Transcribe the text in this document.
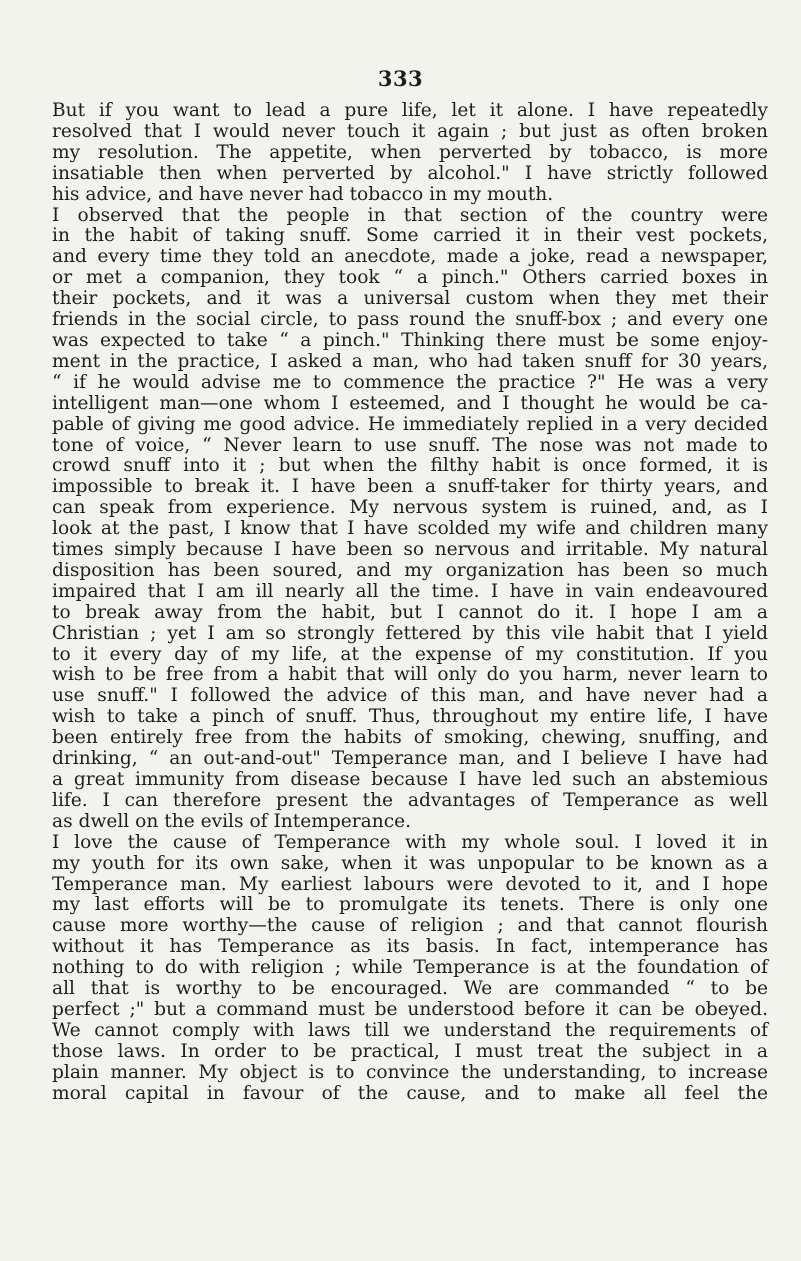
333
But if you want to lead a pure life, let it alone. I have repeatedly
resolved that I would never touch it again ; but just as often broken
my resolution. The appetite, when perverted by tobacco, is more
insatiable then when perverted by alcohol." I have strictly followed
his advice, and have never had tobacco in my mouth.
I observed that the people in that section of the country were
in the habit of taking snuff. Some carried it in their vest pockets,
and every time they told an anecdote, made a joke, read a newspaper,
or met a companion, they took “ a pinch." Others carried boxes in
their pockets, and it was a universal custom when they met their
friends in the social circle, to pass round the snuff-box ; and every one
was expected to take “ a pinch." Thinking there must be some enjoy-
ment in the practice, I asked a man, who had taken snuff for 30 years,
“ if he would advise me to commence the practice ?" He was a very
intelligent man—one whom I esteemed, and I thought he would be ca-
pable of giving me good advice. He immediately replied in a very decided
tone of voice, “ Never learn to use snuff. The nose was not made to
crowd snuff into it ; but when the filthy habit is once formed, it is
impossible to break it. I have been a snuff-taker for thirty years, and
can speak from experience. My nervous system is ruined, and, as I
look at the past, I know that I have scolded my wife and children many
times simply because I have been so nervous and irritable. My natural
disposition has been soured, and my organization has been so much
impaired that I am ill nearly all the time. I have in vain endeavoured
to break away from the habit, but I cannot do it. I hope I am a
Christian ; yet I am so strongly fettered by this vile habit that I yield
to it every day of my life, at the expense of my constitution. If you
wish to be free from a habit that will only do you harm, never learn to
use snuff." I followed the advice of this man, and have never had a
wish to take a pinch of snuff. Thus, throughout my entire life, I have
been entirely free from the habits of smoking, chewing, snuffing, and
drinking, “ an out-and-out" Temperance man, and I believe I have had
a great immunity from disease because I have led such an abstemious
life. I can therefore present the advantages of Temperance as well
as dwell on the evils of Intemperance.
I love the cause of Temperance with my whole soul. I loved it in
my youth for its own sake, when it was unpopular to be known as a
Temperance man. My earliest labours were devoted to it, and I hope
my last efforts will be to promulgate its tenets. There is only one
cause more worthy—the cause of religion ; and that cannot flourish
without it has Temperance as its basis. In fact, intemperance has
nothing to do with religion ; while Temperance is at the foundation of
all that is worthy to be encouraged. We are commanded “ to be
perfect ;" but a command must be understood before it can be obeyed.
We cannot comply with laws till we understand the requirements of
those laws. In order to be practical, I must treat the subject in a
plain manner. My object is to convince the understanding, to increase
moral capital in favour of the cause, and to make all feel the
